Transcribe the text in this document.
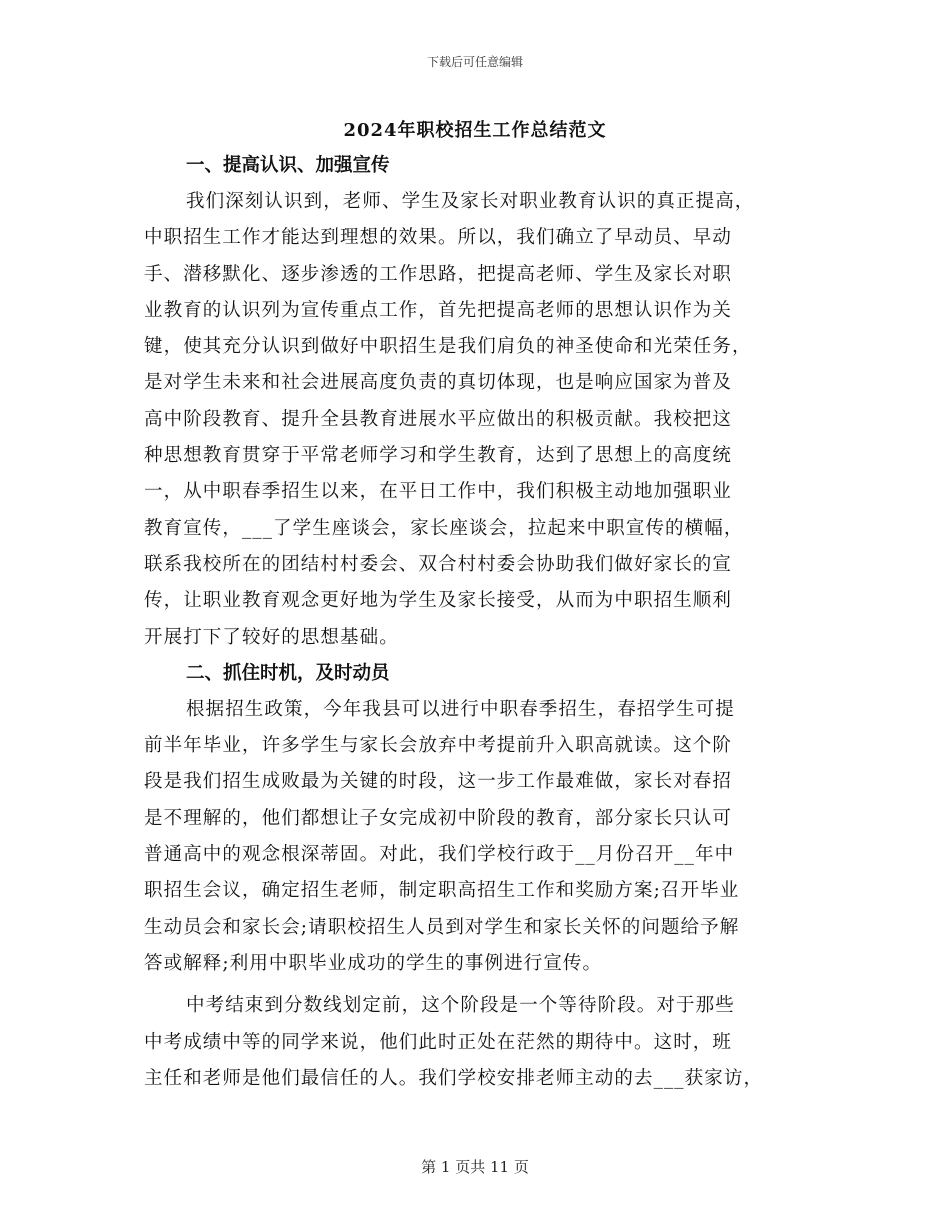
下载后可任意编辑
2024年职校招生工作总结范文
一、提高认识、加强宣传
我们深刻认识到，老师、学生及家长对职业教育认识的真正提高，
中职招生工作才能达到理想的效果。所以，我们确立了早动员、早动
手、潜移默化、逐步渗透的工作思路，把提高老师、学生及家长对职
业教育的认识列为宣传重点工作，首先把提高老师的思想认识作为关
键，使其充分认识到做好中职招生是我们肩负的神圣使命和光荣任务，
是对学生未来和社会进展高度负责的真切体现，也是响应国家为普及
高中阶段教育、提升全县教育进展水平应做出的积极贡献。我校把这
种思想教育贯穿于平常老师学习和学生教育，达到了思想上的高度统
一，从中职春季招生以来，在平日工作中，我们积极主动地加强职业
教育宣传，___了学生座谈会，家长座谈会，拉起来中职宣传的横幅，
联系我校所在的团结村村委会、双合村村委会协助我们做好家长的宣
传，让职业教育观念更好地为学生及家长接受，从而为中职招生顺利
开展打下了较好的思想基础。
二、抓住时机，及时动员
根据招生政策，今年我县可以进行中职春季招生，春招学生可提
前半年毕业，许多学生与家长会放弃中考提前升入职高就读。这个阶
段是我们招生成败最为关键的时段，这一步工作最难做，家长对春招
是不理解的，他们都想让子女完成初中阶段的教育，部分家长只认可
普通高中的观念根深蒂固。对此，我们学校行政于__月份召开__年中
职招生会议，确定招生老师，制定职高招生工作和奖励方案;召开毕业
生动员会和家长会;请职校招生人员到对学生和家长关怀的问题给予解
答或解释;利用中职毕业成功的学生的事例进行宣传。
中考结束到分数线划定前，这个阶段是一个等待阶段。对于那些
中考成绩中等的同学来说，他们此时正处在茫然的期待中。这时，班
主任和老师是他们最信任的人。我们学校安排老师主动的去___获家访，
第 1 页共 11 页
